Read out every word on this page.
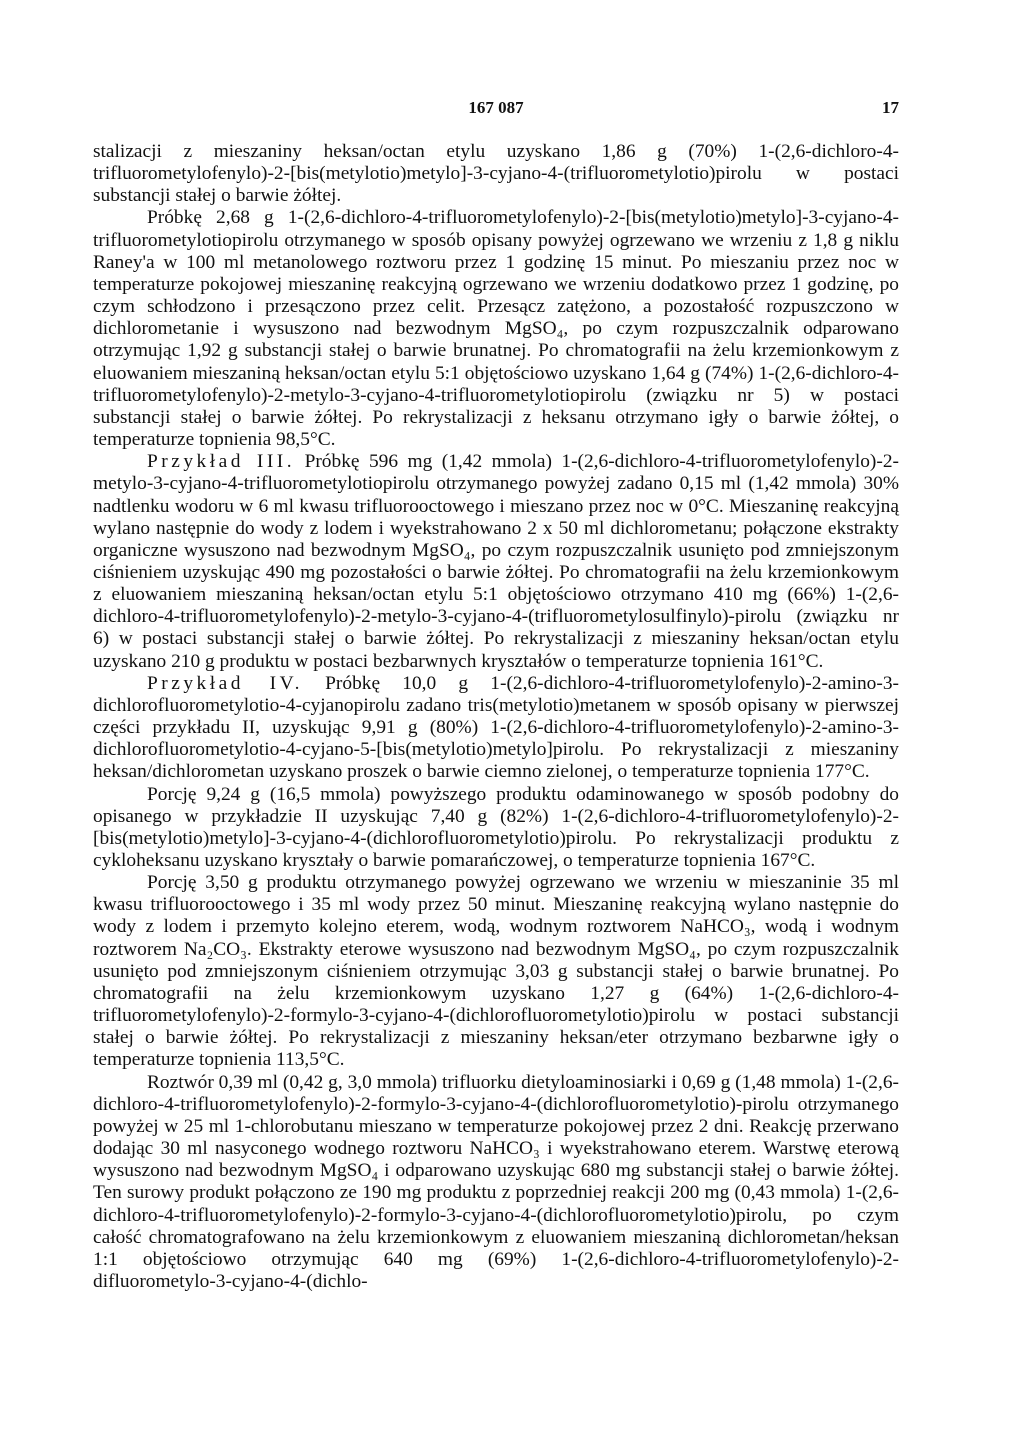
167 087	17

stalizacji z mieszaniny heksan/octan etylu uzyskano 1,86 g (70%) 1-(2,6-dichloro-4-trifluorometylofenylo)-2-[bis(metylotio)metylo]-3-cyjano-4-(trifluorometylotio)pirolu w postaci substancji stałej o barwie żółtej.

Próbkę 2,68 g 1-(2,6-dichloro-4-trifluorometylofenylo)-2-[bis(metylotio)metylo]-3-cyjano-4-trifluorometylotiopirolu otrzymanego w sposób opisany powyżej ogrzewano we wrzeniu z 1,8 g niklu Raney'a w 100 ml metanolowego roztworu przez 1 godzinę 15 minut. Po mieszaniu przez noc w temperaturze pokojowej mieszaninę reakcyjną ogrzewano we wrzeniu dodatkowo przez 1 godzinę, po czym schłodzono i przesączono przez celit. Przesącz zatężono, a pozostałość rozpuszczono w dichlorometanie i wysuszono nad bezwodnym MgSO₄, po czym rozpuszczalnik odparowano otrzymując 1,92 g substancji stałej o barwie brunatnej. Po chromatografii na żelu krzemionkowym z eluowaniem mieszaniną heksan/octan etylu 5:1 objętościowo uzyskano 1,64 g (74%) 1-(2,6-dichloro-4-trifluorometylofenylo)-2-metylo-3-cyjano-4-trifluorometylotiopirolu (związku nr 5) w postaci substancji stałej o barwie żółtej. Po rekrystalizacji z heksanu otrzymano igły o barwie żółtej, o temperaturze topnienia 98,5°C.

Przykład III. Próbkę 596 mg (1,42 mmola) 1-(2,6-dichloro-4-trifluorometylofenylo)-2-metylo-3-cyjano-4-trifluorometylotiopirolu otrzymanego powyżej zadano 0,15 ml (1,42 mmola) 30% nadtlenku wodoru w 6 ml kwasu trifluorooctowego i mieszano przez noc w 0°C. Mieszaninę reakcyjną wylano następnie do wody z lodem i wyekstrahowano 2 x 50 ml dichlorometanu; połączone ekstrakty organiczne wysuszono nad bezwodnym MgSO₄, po czym rozpuszczalnik usunięto pod zmniejszonym ciśnieniem uzyskując 490 mg pozostałości o barwie żółtej. Po chromatografii na żelu krzemionkowym z eluowaniem mieszaniną heksan/octan etylu 5:1 objętościowo otrzymano 410 mg (66%) 1-(2,6-dichloro-4-trifluorometylofenylo)-2-metylo-3-cyjano-4-(trifluorometylosulfinylo)-pirolu (związku nr 6) w postaci substancji stałej o barwie żółtej. Po rekrystalizacji z mieszaniny heksan/octan etylu uzyskano 210 g produktu w postaci bezbarwnych kryształów o temperaturze topnienia 161°C.

Przykład IV. Próbkę 10,0 g 1-(2,6-dichloro-4-trifluorometylofenylo)-2-amino-3-dichlorofluorometylotio-4-cyjanopirolu zadano tris(metylotio)metanem w sposób opisany w pierwszej części przykładu II, uzyskując 9,91 g (80%) 1-(2,6-dichloro-4-trifluorometylofenylo)-2-amino-3-dichlorofluorometylotio-4-cyjano-5-[bis(metylotio)metylo]pirolu. Po rekrystalizacji z mieszaniny heksan/dichlorometan uzyskano proszek o barwie ciemno zielonej, o temperaturze topnienia 177°C.

Porcję 9,24 g (16,5 mmola) powyższego produktu odaminowanego w sposób podobny do opisanego w przykładzie II uzyskując 7,40 g (82%) 1-(2,6-dichloro-4-trifluorometylofenylo)-2-[bis(metylotio)metylo]-3-cyjano-4-(dichlorofluorometylotio)pirolu. Po rekrystalizacji produktu z cykloheksanu uzyskano kryształy o barwie pomarańczowej, o temperaturze topnienia 167°C.

Porcję 3,50 g produktu otrzymanego powyżej ogrzewano we wrzeniu w mieszaninie 35 ml kwasu trifluorooctowego i 35 ml wody przez 50 minut. Mieszaninę reakcyjną wylano następnie do wody z lodem i przemyto kolejno eterem, wodą, wodnym roztworem NaHCO₃, wodą i wodnym roztworem Na₂CO₃. Ekstrakty eterowe wysuszono nad bezwodnym MgSO₄, po czym rozpuszczalnik usunięto pod zmniejszonym ciśnieniem otrzymując 3,03 g substancji stałej o barwie brunatnej. Po chromatografii na żelu krzemionkowym uzyskano 1,27 g (64%) 1-(2,6-dichloro-4-trifluorometylofenylo)-2-formylo-3-cyjano-4-(dichlorofluorometylotio)pirolu w postaci substancji stałej o barwie żółtej. Po rekrystalizacji z mieszaniny heksan/eter otrzymano bezbarwne igły o temperaturze topnienia 113,5°C.

Roztwór 0,39 ml (0,42 g, 3,0 mmola) trifluorku dietyloaminosiarki i 0,69 g (1,48 mmola) 1-(2,6-dichloro-4-trifluorometylofenylo)-2-formylo-3-cyjano-4-(dichlorofluorometylotio)-pirolu otrzymanego powyżej w 25 ml 1-chlorobutanu mieszano w temperaturze pokojowej przez 2 dni. Reakcję przerwano dodając 30 ml nasyconego wodnego roztworu NaHCO₃ i wyekstrahowano eterem. Warstwę eterową wysuszono nad bezwodnym MgSO₄ i odparowano uzyskując 680 mg substancji stałej o barwie żółtej. Ten surowy produkt połączono ze 190 mg produktu z poprzedniej reakcji 200 mg (0,43 mmola) 1-(2,6-dichloro-4-trifluorometylofenylo)-2-formylo-3-cyjano-4-(dichlorofluorometylotio)pirolu, po czym całość chromatografowano na żelu krzemionkowym z eluowaniem mieszaniną dichlorometan/heksan 1:1 objętościowo otrzymując 640 mg (69%) 1-(2,6-dichloro-4-trifluorometylofenylo)-2-difluorometylo-3-cyjano-4-(dichlo-
